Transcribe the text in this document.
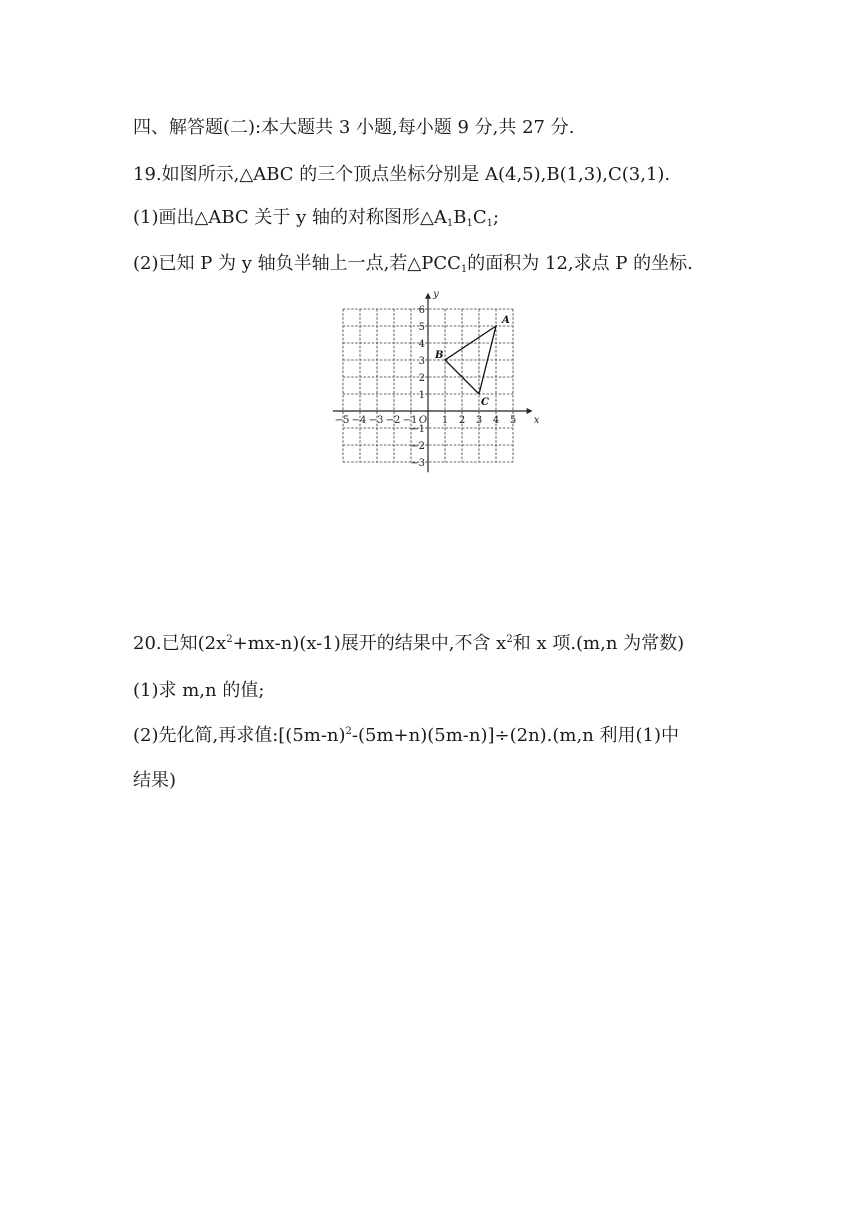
四、解答题(二):本大题共 3 小题,每小题 9 分,共 27 分.
19.如图所示,△ABC 的三个顶点坐标分别是 A(4,5),B(1,3),C(3,1).
(1)画出△ABC 关于 y 轴的对称图形$\triangle A_1B_1C_1$;
(2)已知 P 为 y 轴负半轴上一点,若$\triangle PCC_1$的面积为 12,求点 P 的坐标.
A
B
C
−5 −4 −3 −2 −1 1 2 3 4 5
6
5
4
3
2
1
−1
−2
−3
O	x
y
20.已知$(2x^2+mx-n)(x-1)$展开的结果中,不含 $x^2$和 x 项.(m,n 为常数)
(1)求 m,n 的值;
(2)先化简,再求值$:[(5m-n)^2-(5m+n)(5m-n)]\div(2n).(m,n$ 利用(1)中
结果)
